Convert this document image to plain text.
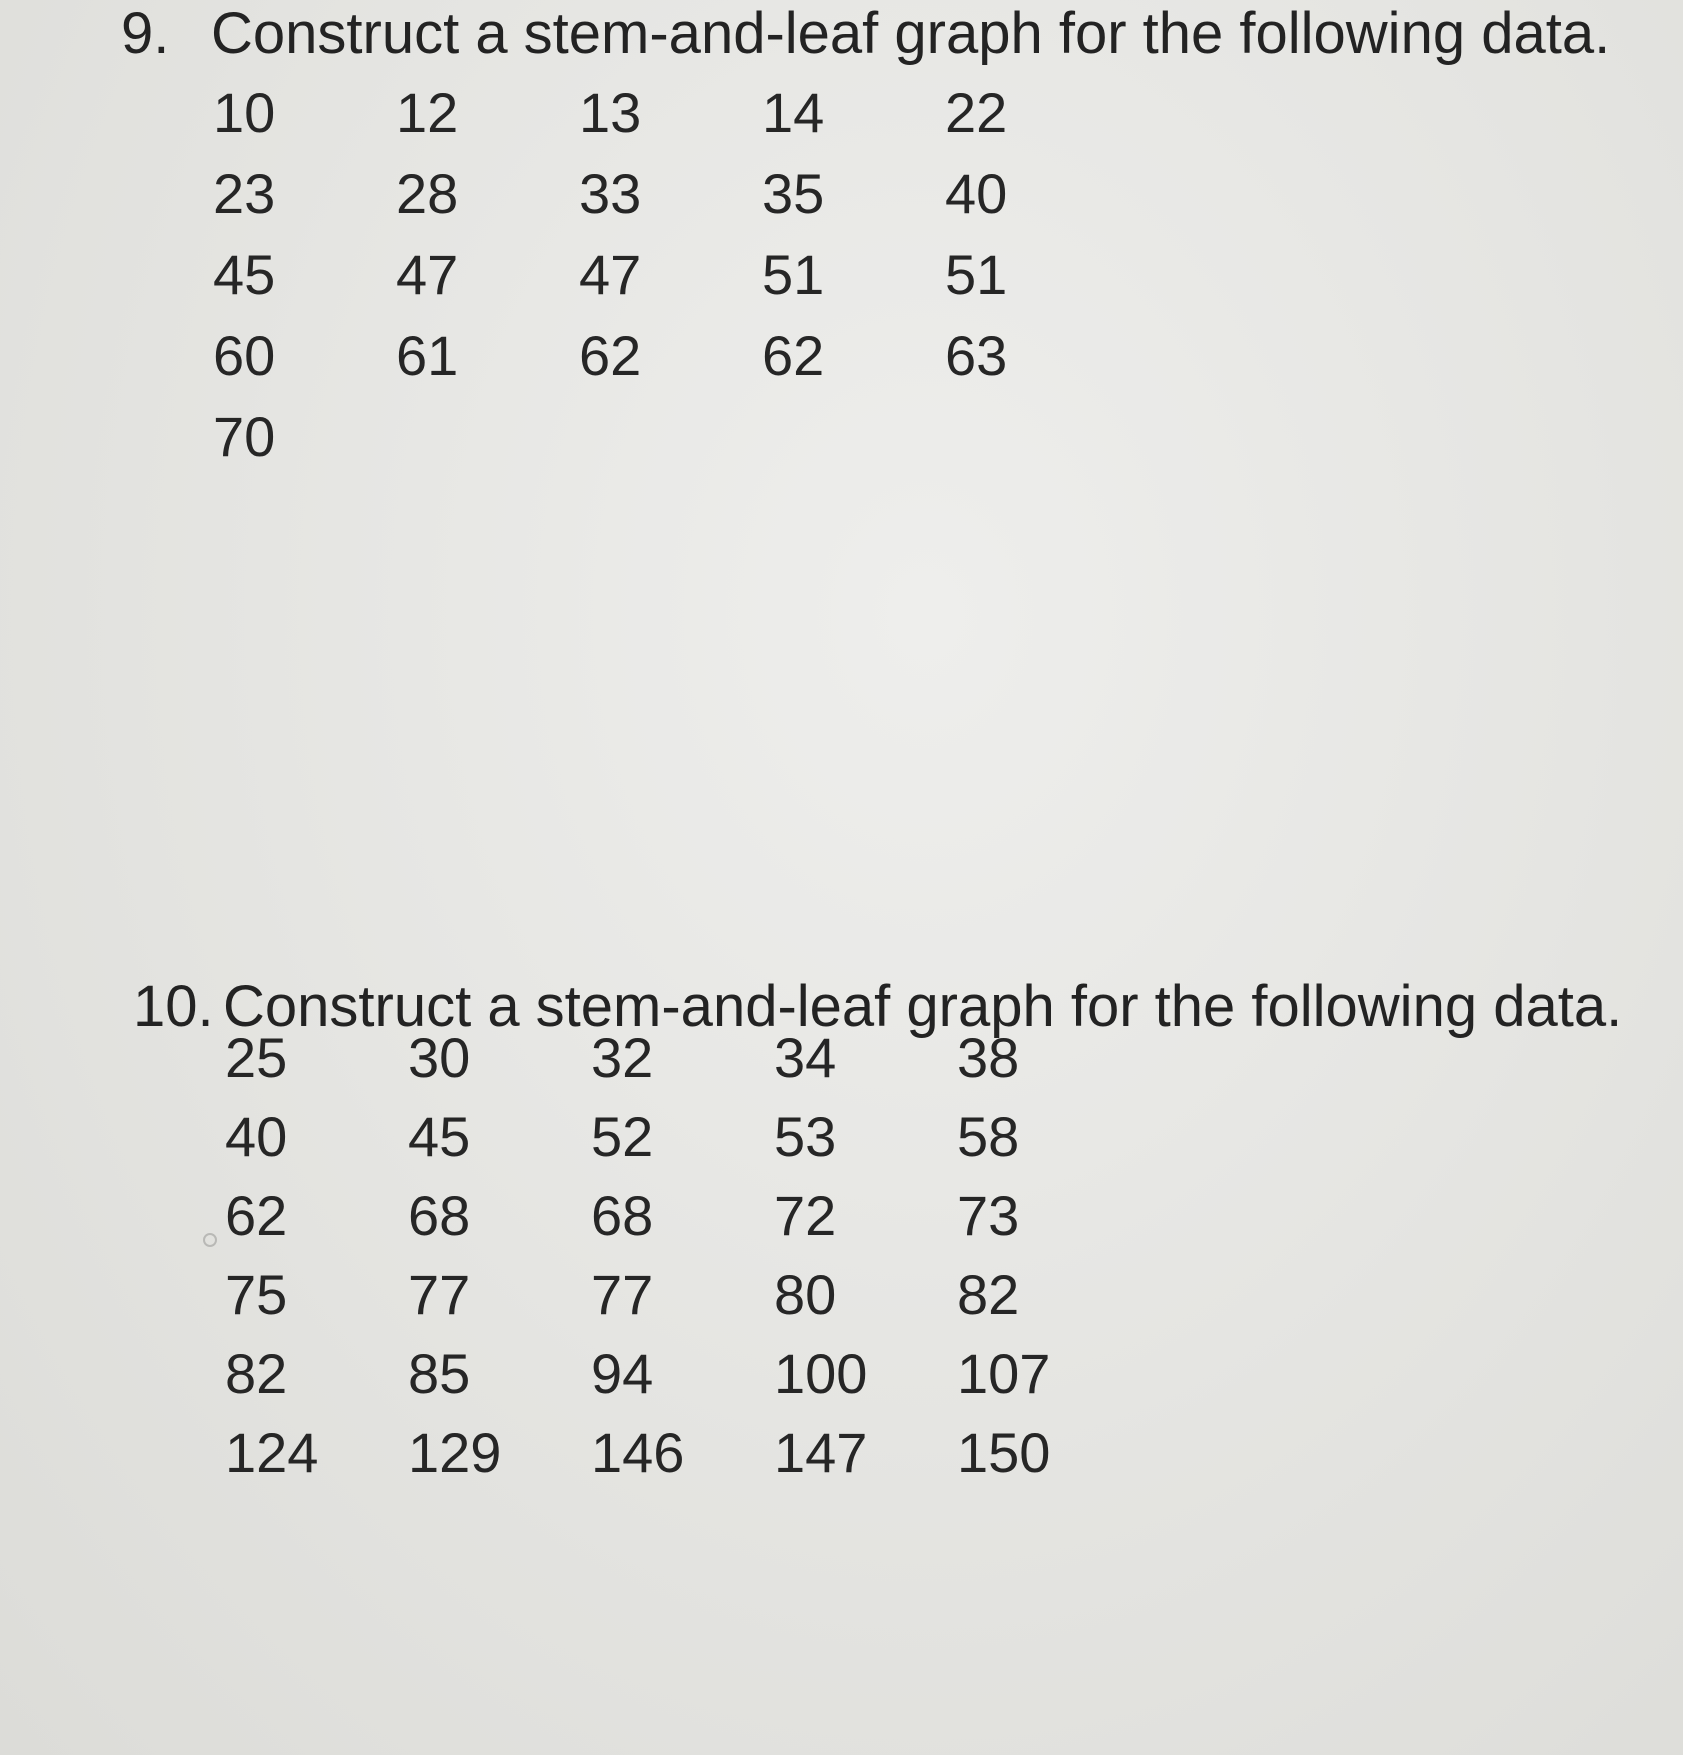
9. Construct a stem-and-leaf graph for the following data.
10	12	13	14	22
23	28	33	35	40
45	47	47	51	51
60	61	62	62	63
70
10. Construct a stem-and-leaf graph for the following data.
25	30	32	34	38
40	45	52	53	58
62	68	68	72	73
75	77	77	80	82
82	85	94	100	107
124	129	146	147	150
